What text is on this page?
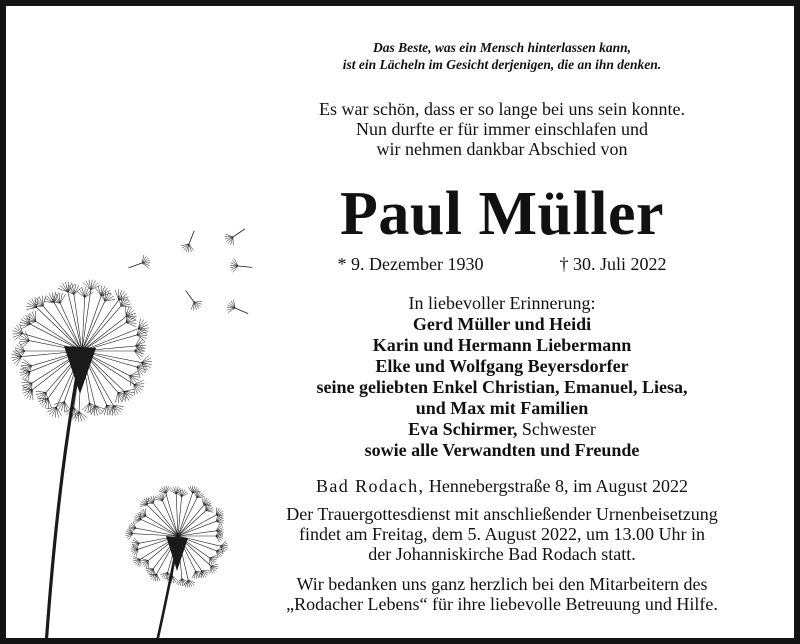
Das Beste, was ein Mensch hinterlassen kann,
ist ein Lächeln im Gesicht derjenigen, die an ihn denken.
Es war schön, dass er so lange bei uns sein konnte.
Nun durfte er für immer einschlafen und
wir nehmen dankbar Abschied von
Paul Müller
* 9. Dezember 1930	† 30. Juli 2022
In liebevoller Erinnerung:
Gerd Müller und Heidi
Karin und Hermann Liebermann
Elke und Wolfgang Beyersdorfer
seine geliebten Enkel Christian, Emanuel, Liesa,
und Max mit Familien
Eva Schirmer, Schwester
sowie alle Verwandten und Freunde
Bad Rodach, Hennebergstraße 8, im August 2022
Der Trauergottesdienst mit anschließender Urnenbeisetzung
findet am Freitag, dem 5. August 2022, um 13.00 Uhr in
der Johanniskirche Bad Rodach statt.
Wir bedanken uns ganz herzlich bei den Mitarbeitern des
„Rodacher Lebens“ für ihre liebevolle Betreuung und Hilfe.
